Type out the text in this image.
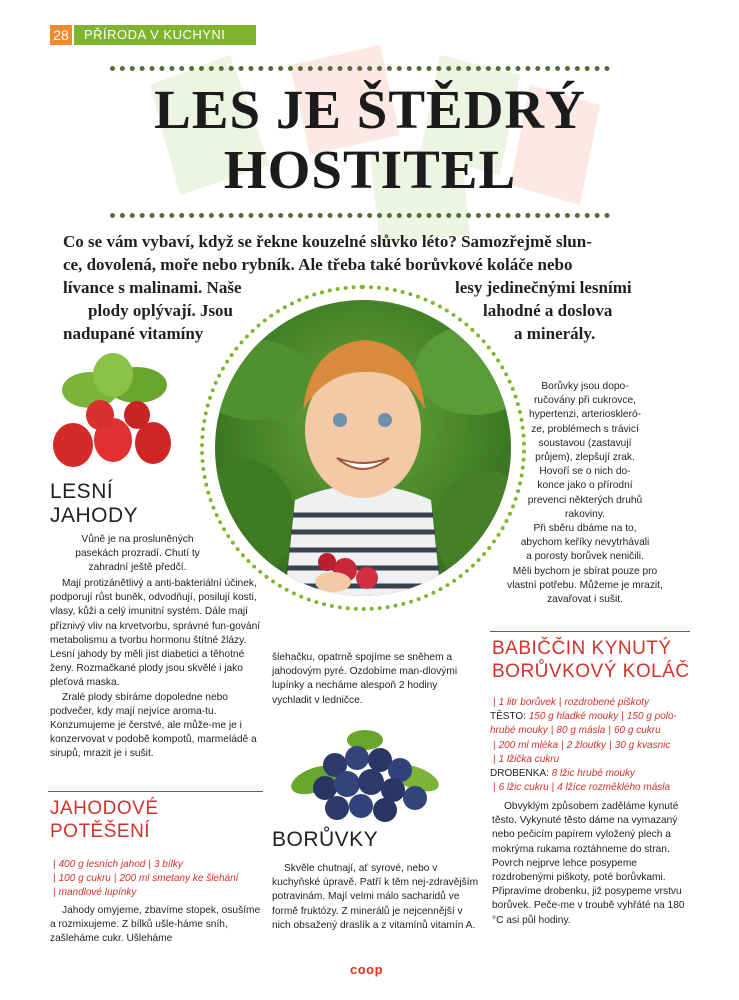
28	PŘÍRODA V KUCHYNI
LES JE ŠTĚDRÝ
HOSTITEL
Co se vám vybaví, když se řekne kouzelné slůvko léto? Samozřejmě slun-
ce, dovolená, moře nebo rybník. Ale třeba také borůvkové koláče nebo
lívance s malinami. Naše	lesy jedinečnými lesními
plody oplývají. Jsou	lahodné a doslova
nadupané vitamíny	a minerály.
LESNÍ
JAHODY

Vůně je na prosluněných

pasekách prozradí. Chutí ty

zahradní ještě předčí.

Mají protizánětlivý a anti-bakteriální účinek, podporují růst buněk, odvodňují, posilují kosti, vlasy, kůži a celý imunitní systém. Dále mají příznivý vliv na krvetvorbu, správné fun-gování metabolismu a tvorbu hormonu štítné žlázy. Lesní jahody by měli jíst diabetici a těhotné ženy. Rozmačkané plody jsou skvělé i jako pleťová maska.

Zralé plody sbíráme dopoledne nebo podvečer, kdy mají nejvíce aroma-tu. Konzumujeme je čerstvé, ale může-me je i konzervovat v podobě kompotů, marmeládě a sirupů, mrazit je i sušit.

JAHODOVÉ
POTĚŠENÍ
| 400 g lesních jahod | 3 bílky
| 100 g cukru | 200 ml smetany ke šlehání
| mandlové lupínky

Jahody omyjeme, zbavíme stopek, osušíme a rozmixujeme. Z bílků ušle-háme sníh, zašleháme cukr. Ušleháme

šlehačku, opatrně spojíme se sněhem a jahodovým pyré. Ozdobíme man-dlovými lupínky a necháme alespoň 2 hodiny vychladit v ledničce.

BORŮVKY

Skvěle chutnají, ať syrové, nebo v kuchyňské úpravě. Patří k těm nej-zdravějším potravinám. Mají velmi málo sacharidů ve formě fruktózy. Z minerálů je nejcennější v nich obsažený draslík a z vitamínů vitamín A.

Borůvky jsou dopo-

ručovány při cukrovce,

hypertenzi, arterioskleró-

ze, problémech s trávicí

soustavou (zastavují

průjem), zlepšují zrak.

Hovoří se o nich do-

konce jako o přírodní

prevenci některých druhů

rakoviny.

Při sběru dbáme na to,

abychom keříky nevytrhávali

a porosty borůvek neničili.

Měli bychom je sbírat pouze pro

vlastní potřebu. Můžeme je mrazit,

zavařovat i sušit.

BABIČČIN KYNUTÝ
BORŮVKOVÝ KOLÁČ
| 1 litr borůvek | rozdrobené piškoty
TĚSTO: 150 g hladké mouky | 150 g polo-
hrubé mouky | 80 g másla | 60 g cukru
| 200 ml mléka | 2 žloutky | 30 g kvasnic
| 1 lžička cukru
DROBENKA: 8 lžic hrubé mouky
| 6 lžic cukru | 4 lžíce rozměklého másla

Obvyklým způsobem zaděláme kynuté těsto. Vykynuté těsto dáme na vymazaný nebo pečicím papírem vyložený plech a mokrýma rukama roztáhneme do stran. Povrch nejprve lehce posypeme rozdrobenými piškoty, poté borůvkami. Připravíme drobenku, již posypeme vrstvu borůvek. Peče-me v troubě vyhřáté na 180 °C asi půl hodiny.

coop
